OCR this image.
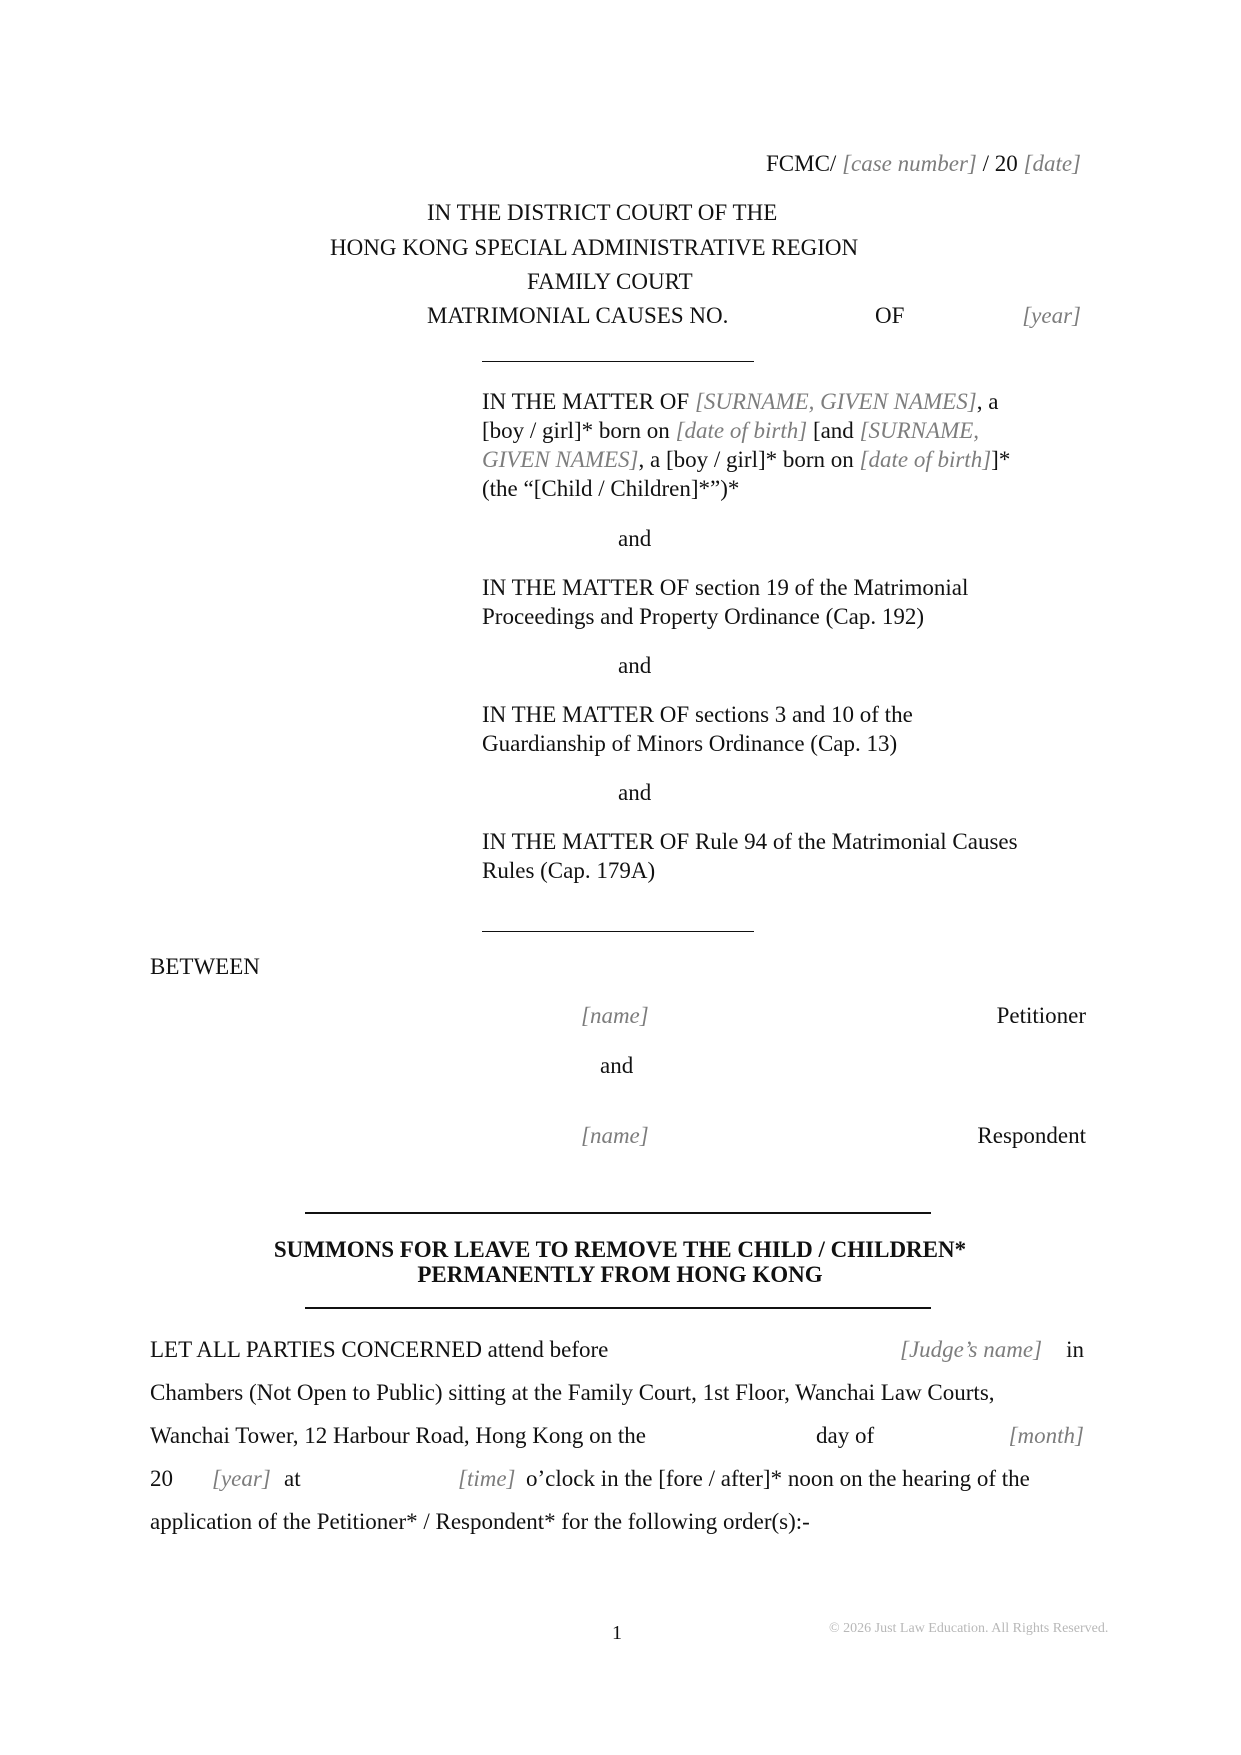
FCMC/ [case number] / 20 [date]
IN THE DISTRICT COURT OF THE
HONG KONG SPECIAL ADMINISTRATIVE REGION
FAMILY COURT
MATRIMONIAL CAUSES NO.	OF	[year]
IN THE MATTER OF [SURNAME, GIVEN NAMES], a
[boy / girl]* born on [date of birth] [and [SURNAME,
GIVEN NAMES], a [boy / girl]* born on [date of birth]]*
(the “[Child / Children]*”)*
and
IN THE MATTER OF section 19 of the Matrimonial
Proceedings and Property Ordinance (Cap. 192)
and
IN THE MATTER OF sections 3 and 10 of the
Guardianship of Minors Ordinance (Cap. 13)
and
IN THE MATTER OF Rule 94 of the Matrimonial Causes
Rules (Cap. 179A)
BETWEEN
[name]	Petitioner
and
[name]	Respondent
SUMMONS FOR LEAVE TO REMOVE THE CHILD / CHILDREN*
PERMANENTLY FROM HONG KONG
LET ALL PARTIES CONCERNED attend before	[Judge’s name] in
Chambers (Not Open to Public) sitting at the Family Court, 1st Floor, Wanchai Law Courts,
Wanchai Tower, 12 Harbour Road, Hong Kong on the	day of	[month]
20 [year] at	[time] o’clock in the [fore / after]* noon on the hearing of the
application of the Petitioner* / Respondent* for the following order(s):-
1	© 2026 Just Law Education. All Rights Reserved.
